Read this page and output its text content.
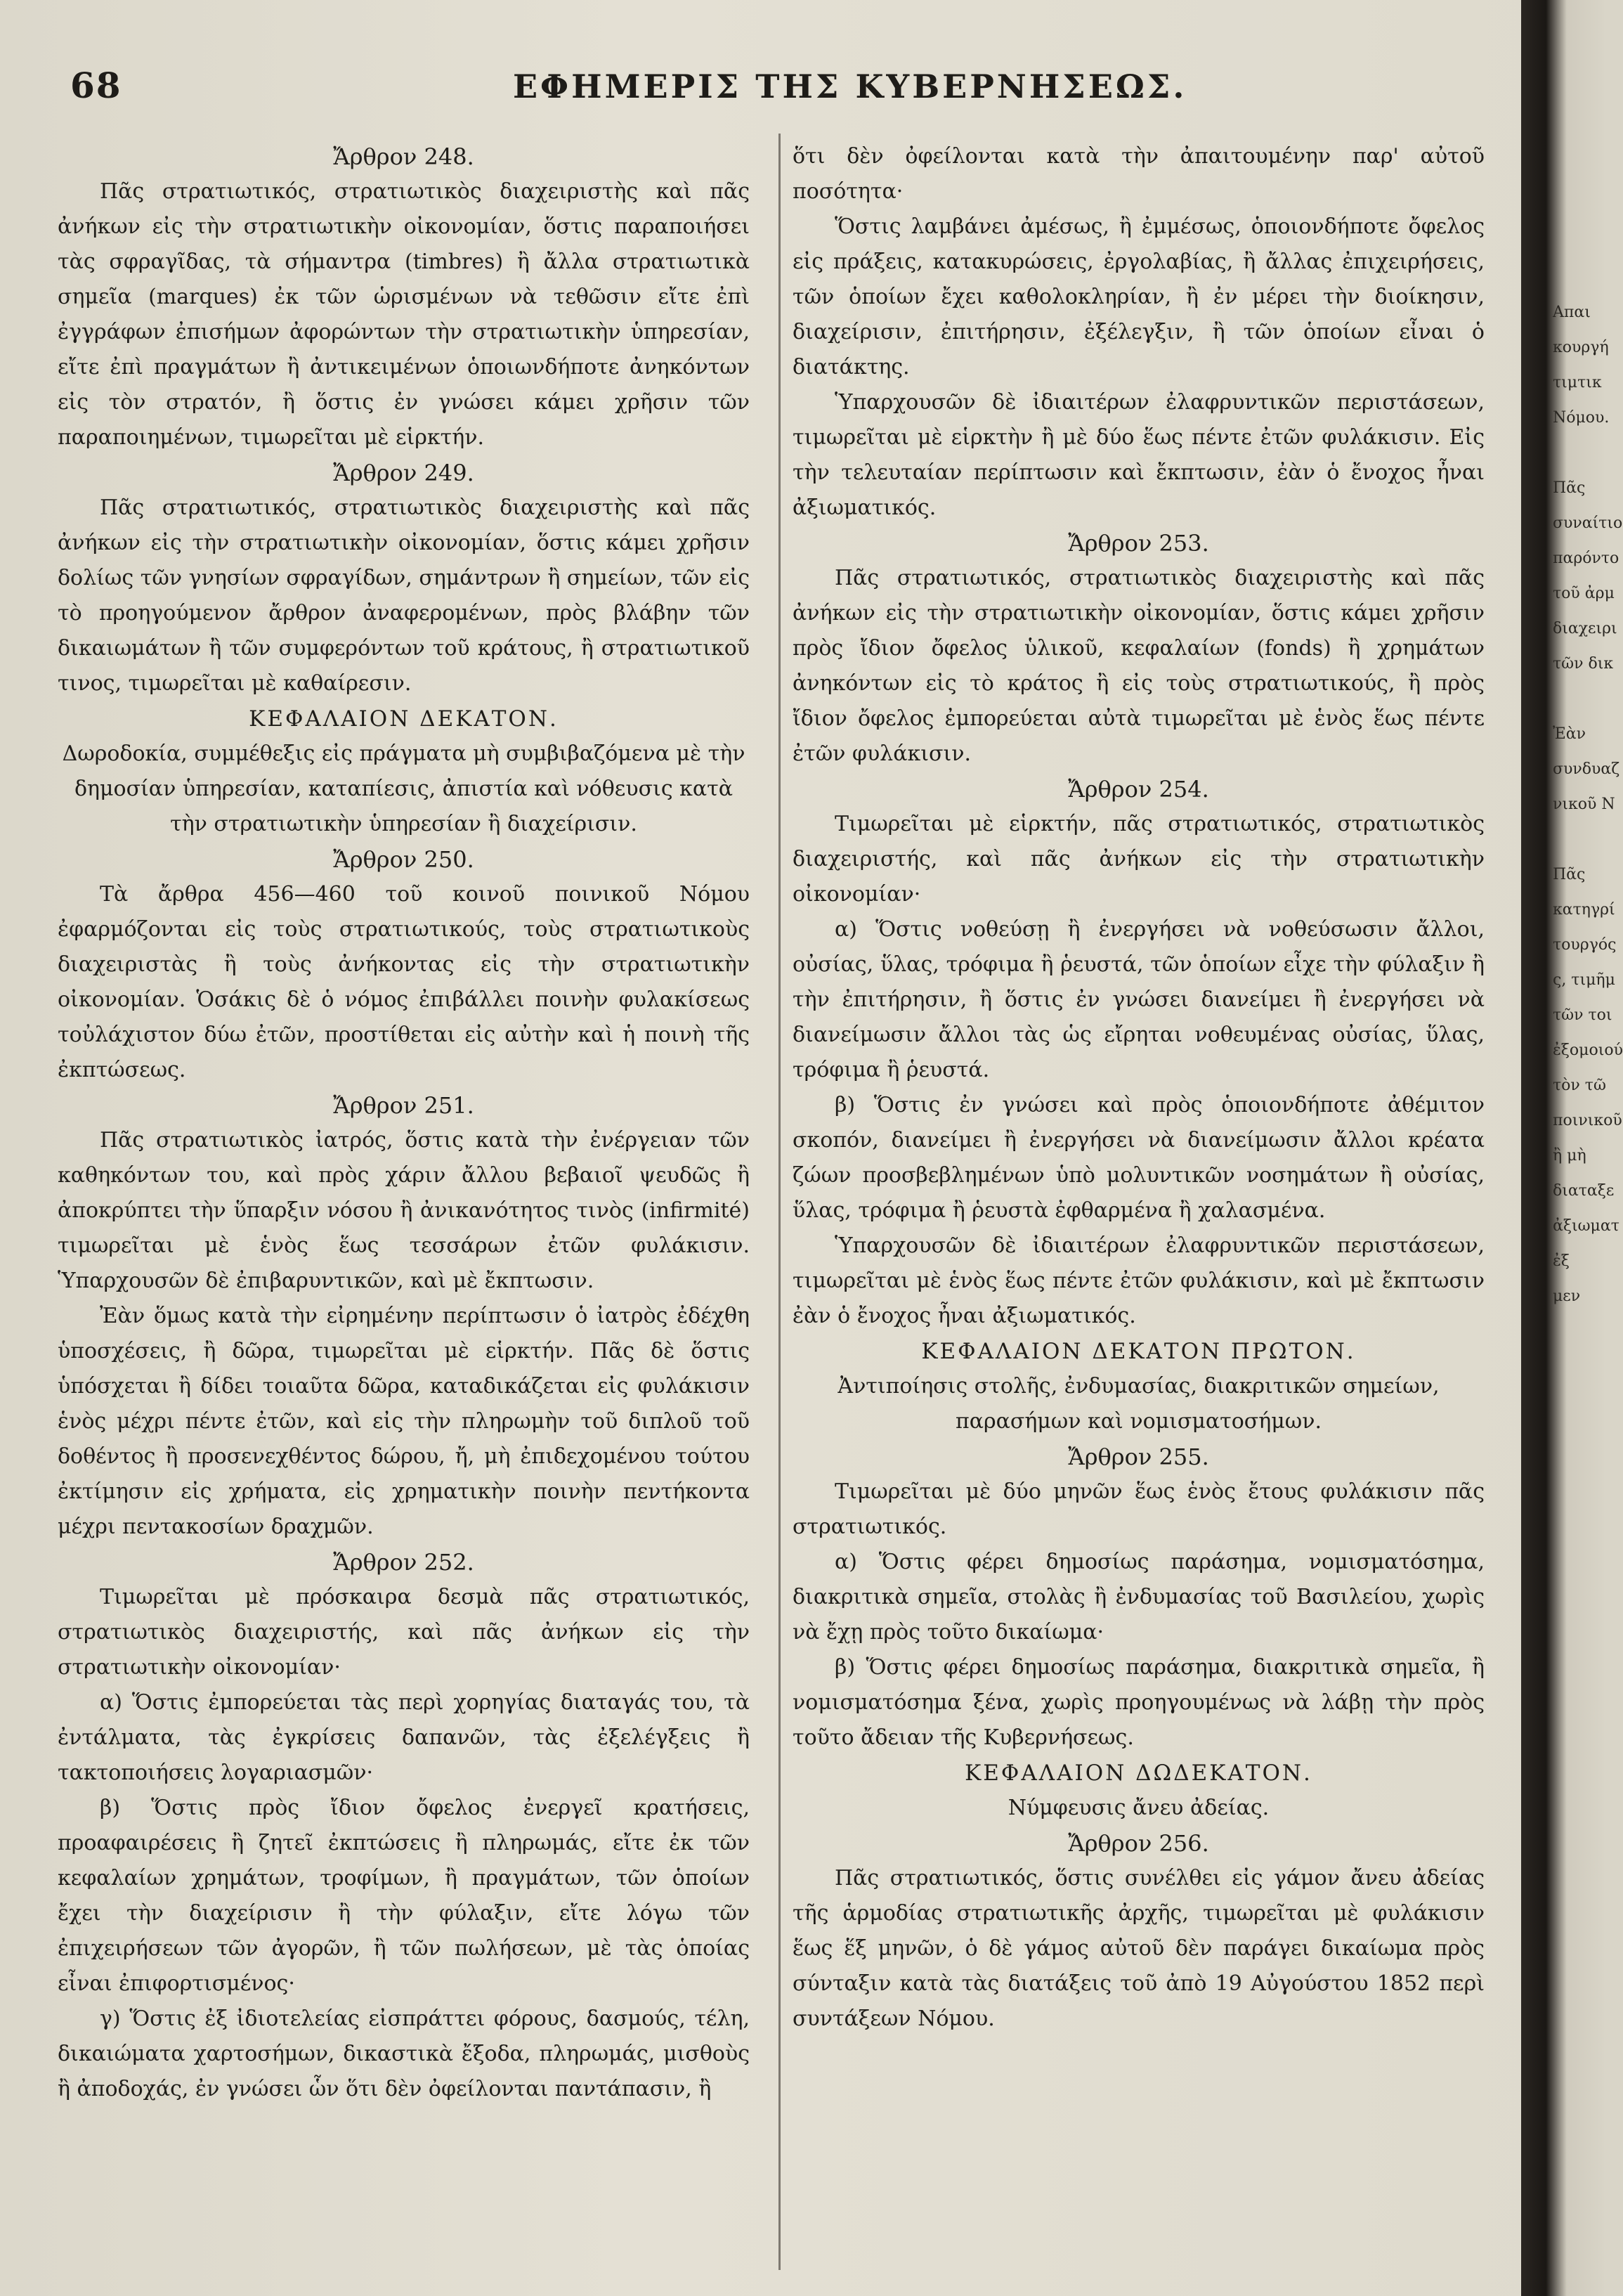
68	ΕΦΗΜΕΡΙΣ ΤΗΣ ΚΥΒΕΡΝΗΣΕΩΣ.

Ἄρθρον 248.

Πᾶς στρατιωτικός, στρατιωτικὸς διαχειριστὴς καὶ πᾶς ἀνήκων εἰς τὴν στρατιωτικὴν οἰκονομίαν, ὅστις παραποιήσει τὰς σφραγῖδας, τὰ σήμαντρα (timbres) ἢ ἄλλα στρατιωτικὰ σημεῖα (marques) ἐκ τῶν ὡρισμένων νὰ τεθῶσιν εἴτε ἐπὶ ἐγγράφων ἐπισήμων ἀφορώντων τὴν στρατιωτικὴν ὑπηρεσίαν, εἴτε ἐπὶ πραγμάτων ἢ ἀντικειμένων ὁποιωνδήποτε ἀνηκόντων εἰς τὸν στρατόν, ἢ ὅστις ἐν γνώσει κάμει χρῆσιν τῶν παραποιημένων, τιμωρεῖται μὲ εἱρκτήν.

Ἄρθρον 249.

Πᾶς στρατιωτικός, στρατιωτικὸς διαχειριστὴς καὶ πᾶς ἀνήκων εἰς τὴν στρατιωτικὴν οἰκονομίαν, ὅστις κάμει χρῆσιν δολίως τῶν γνησίων σφραγίδων, σημάντρων ἢ σημείων, τῶν εἰς τὸ προηγούμενον ἄρθρον ἀναφερομένων, πρὸς βλάβην τῶν δικαιωμάτων ἢ τῶν συμφερόντων τοῦ κράτους, ἢ στρατιωτικοῦ τινος, τιμωρεῖται μὲ καθαίρεσιν.

ΚΕΦΑΛΑΙΟΝ ΔΕΚΑΤΟΝ.

Δωροδοκία, συμμέθεξις εἰς πράγματα μὴ συμβιβαζόμενα μὲ τὴν δημοσίαν ὑπηρεσίαν, καταπίεσις, ἀπιστία καὶ νόθευσις κατὰ τὴν στρατιωτικὴν ὑπηρεσίαν ἢ διαχείρισιν.

Ἄρθρον 250.

Τὰ ἄρθρα 456—460 τοῦ κοινοῦ ποινικοῦ Νόμου ἐφαρμόζονται εἰς τοὺς στρατιωτικούς, τοὺς στρατιωτικοὺς διαχειριστὰς ἢ τοὺς ἀνήκοντας εἰς τὴν στρατιωτικὴν οἰκονομίαν. Ὁσάκις δὲ ὁ νόμος ἐπιβάλλει ποινὴν φυλακίσεως τοὐλάχιστον δύω ἐτῶν, προστίθεται εἰς αὐτὴν καὶ ἡ ποινὴ τῆς ἐκπτώσεως.

Ἄρθρον 251.

Πᾶς στρατιωτικὸς ἰατρός, ὅστις κατὰ τὴν ἐνέργειαν τῶν καθηκόντων του, καὶ πρὸς χάριν ἄλλου βεβαιοῖ ψευδῶς ἢ ἀποκρύπτει τὴν ὕπαρξιν νόσου ἢ ἀνικανότητος τινὸς (infirmité) τιμωρεῖται μὲ ἑνὸς ἕως τεσσάρων ἐτῶν φυλάκισιν. Ὑπαρχουσῶν δὲ ἐπιβαρυντικῶν, καὶ μὲ ἔκπτωσιν.

Ἐὰν ὅμως κατὰ τὴν εἰρημένην περίπτωσιν ὁ ἰατρὸς ἐδέχθη ὑποσχέσεις, ἢ δῶρα, τιμωρεῖται μὲ εἱρκτήν. Πᾶς δὲ ὅστις ὑπόσχεται ἢ δίδει τοιαῦτα δῶρα, καταδικάζεται εἰς φυλάκισιν ἑνὸς μέχρι πέντε ἐτῶν, καὶ εἰς τὴν πληρωμὴν τοῦ διπλοῦ τοῦ δοθέντος ἢ προσενεχθέντος δώρου, ἤ, μὴ ἐπιδεχομένου τούτου ἐκτίμησιν εἰς χρήματα, εἰς χρηματικὴν ποινὴν πεντήκοντα μέχρι πεντακοσίων δραχμῶν.

Ἄρθρον 252.

Τιμωρεῖται μὲ πρόσκαιρα δεσμὰ πᾶς στρατιωτικός, στρατιωτικὸς διαχειριστής, καὶ πᾶς ἀνήκων εἰς τὴν στρατιωτικὴν οἰκονομίαν·

α) Ὅστις ἐμπορεύεται τὰς περὶ χορηγίας διαταγάς του, τὰ ἐντάλματα, τὰς ἐγκρίσεις δαπανῶν, τὰς ἐξελέγξεις ἢ τακτοποιήσεις λογαριασμῶν·

β) Ὅστις πρὸς ἴδιον ὄφελος ἐνεργεῖ κρατήσεις, προαφαιρέσεις ἢ ζητεῖ ἐκπτώσεις ἢ πληρωμάς, εἴτε ἐκ τῶν κεφαλαίων χρημάτων, τροφίμων, ἢ πραγμάτων, τῶν ὁποίων ἔχει τὴν διαχείρισιν ἢ τὴν φύλαξιν, εἴτε λόγω τῶν ἐπιχειρήσεων τῶν ἀγορῶν, ἢ τῶν πωλήσεων, μὲ τὰς ὁποίας εἶναι ἐπιφορτισμένος·

γ) Ὅστις ἐξ ἰδιοτελείας εἰσπράττει φόρους, δασμούς, τέλη, δικαιώματα χαρτοσήμων, δικαστικὰ ἔξοδα, πληρωμάς, μισθοὺς ἢ ἀποδοχάς, ἐν γνώσει ὧν ὅτι δὲν ὀφείλονται παντάπασιν, ἢ

ὅτι δὲν ὀφείλονται κατὰ τὴν ἀπαιτουμένην παρ' αὐτοῦ ποσότητα·

Ὅστις λαμβάνει ἀμέσως, ἢ ἐμμέσως, ὁποιονδήποτε ὄφελος εἰς πράξεις, κατακυρώσεις, ἐργολαβίας, ἢ ἄλλας ἐπιχειρήσεις, τῶν ὁποίων ἔχει καθολοκληρίαν, ἢ ἐν μέρει τὴν διοίκησιν, διαχείρισιν, ἐπιτήρησιν, ἐξέλεγξιν, ἢ τῶν ὁποίων εἶναι ὁ διατάκτης.

Ὑπαρχουσῶν δὲ ἰδιαιτέρων ἐλαφρυντικῶν περιστάσεων, τιμωρεῖται μὲ εἱρκτὴν ἢ μὲ δύο ἕως πέντε ἐτῶν φυλάκισιν. Εἰς τὴν τελευταίαν περίπτωσιν καὶ ἔκπτωσιν, ἐὰν ὁ ἔνοχος ἦναι ἀξιωματικός.

Ἄρθρον 253.

Πᾶς στρατιωτικός, στρατιωτικὸς διαχειριστὴς καὶ πᾶς ἀνήκων εἰς τὴν στρατιωτικὴν οἰκονομίαν, ὅστις κάμει χρῆσιν πρὸς ἴδιον ὄφελος ὑλικοῦ, κεφαλαίων (fonds) ἢ χρημάτων ἀνηκόντων εἰς τὸ κράτος ἢ εἰς τοὺς στρατιωτικούς, ἢ πρὸς ἴδιον ὄφελος ἐμπορεύεται αὐτὰ τιμωρεῖται μὲ ἑνὸς ἕως πέντε ἐτῶν φυλάκισιν.

Ἄρθρον 254.

Τιμωρεῖται μὲ εἱρκτήν, πᾶς στρατιωτικός, στρατιωτικὸς διαχειριστής, καὶ πᾶς ἀνήκων εἰς τὴν στρατιωτικὴν οἰκονομίαν·

α) Ὅστις νοθεύσῃ ἢ ἐνεργήσει νὰ νοθεύσωσιν ἄλλοι, οὐσίας, ὕλας, τρόφιμα ἢ ῥευστά, τῶν ὁποίων εἶχε τὴν φύλαξιν ἢ τὴν ἐπιτήρησιν, ἢ ὅστις ἐν γνώσει διανείμει ἢ ἐνεργήσει νὰ διανείμωσιν ἄλλοι τὰς ὡς εἴρηται νοθευμένας οὐσίας, ὕλας, τρόφιμα ἢ ῥευστά.

β) Ὅστις ἐν γνώσει καὶ πρὸς ὁποιονδήποτε ἀθέμιτον σκοπόν, διανείμει ἢ ἐνεργήσει νὰ διανείμωσιν ἄλλοι κρέατα ζώων προσβεβλημένων ὑπὸ μολυντικῶν νοσημάτων ἢ οὐσίας, ὕλας, τρόφιμα ἢ ῥευστὰ ἐφθαρμένα ἢ χαλασμένα.

Ὑπαρχουσῶν δὲ ἰδιαιτέρων ἐλαφρυντικῶν περιστάσεων, τιμωρεῖται μὲ ἑνὸς ἕως πέντε ἐτῶν φυλάκισιν, καὶ μὲ ἔκπτωσιν ἐὰν ὁ ἔνοχος ἦναι ἀξιωματικός.

ΚΕΦΑΛΑΙΟΝ ΔΕΚΑΤΟΝ ΠΡΩΤΟΝ.

Ἀντιποίησις στολῆς, ἐνδυμασίας, διακριτικῶν σημείων, παρασήμων καὶ νομισματοσήμων.

Ἄρθρον 255.

Τιμωρεῖται μὲ δύο μηνῶν ἕως ἑνὸς ἔτους φυλάκισιν πᾶς στρατιωτικός.

α) Ὅστις φέρει δημοσίως παράσημα, νομισματόσημα, διακριτικὰ σημεῖα, στολὰς ἢ ἐνδυμασίας τοῦ Βασιλείου, χωρὶς νὰ ἔχῃ πρὸς τοῦτο δικαίωμα·

β) Ὅστις φέρει δημοσίως παράσημα, διακριτικὰ σημεῖα, ἢ νομισματόσημα ξένα, χωρὶς προηγουμένως νὰ λάβῃ τὴν πρὸς τοῦτο ἄδειαν τῆς Κυβερνήσεως.

ΚΕΦΑΛΑΙΟΝ ΔΩΔΕΚΑΤΟΝ.

Νύμφευσις ἄνευ ἀδείας.

Ἄρθρον 256.

Πᾶς στρατιωτικός, ὅστις συνέλθει εἰς γάμον ἄνευ ἀδείας τῆς ἁρμοδίας στρατιωτικῆς ἀρχῆς, τιμωρεῖται μὲ φυλάκισιν ἕως ἕξ μηνῶν, ὁ δὲ γάμος αὐτοῦ δὲν παράγει δικαίωμα πρὸς σύνταξιν κατὰ τὰς διατάξεις τοῦ ἀπὸ 19 Αὐγούστου 1852 περὶ συντάξεων Νόμου.

Απαι
κουργή
τιμτικ
Νόμου.
Πᾶς
συναίτιο
παρόντο
τοῦ ἀρμ
διαχειρι
τῶν δικ
Ἐὰν
συνδυαζ
νικοῦ Ν
Πᾶς
κατηγρί
τουργός
ς, τιμῆμ
τῶν τοι
ἐξομοιού
τὸν τῶ
ποινικοῦ
ἢ μὴ
διαταξε
ἀξιωματ
ἐξ
μεν
